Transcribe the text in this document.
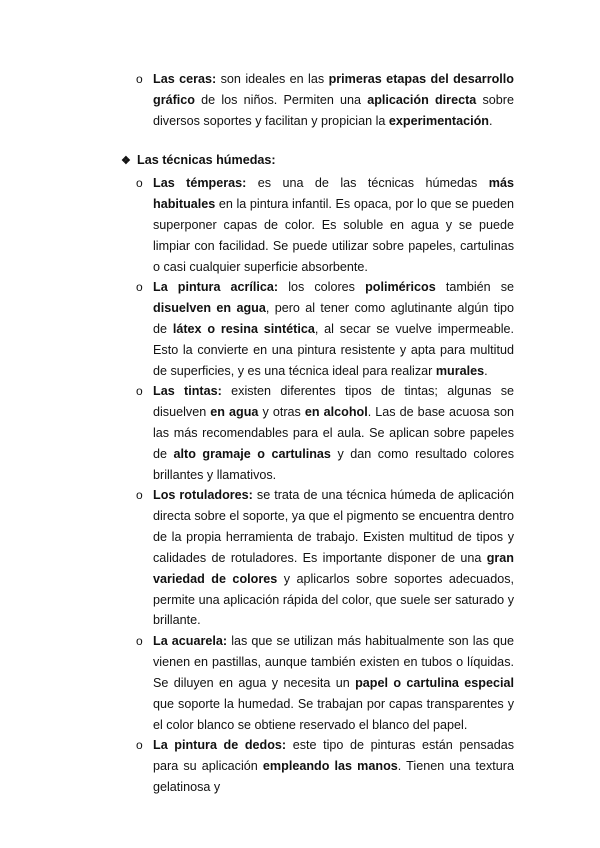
o Las ceras: son ideales en las primeras etapas del desarrollo gráfico de los niños. Permiten una aplicación directa sobre diversos soportes y facilitan y propician la experimentación.

❖ Las técnicas húmedas:
o Las témperas: es una de las técnicas húmedas más habituales en la pintura infantil. Es opaca, por lo que se pueden superponer capas de color. Es soluble en agua y se puede limpiar con facilidad. Se puede utilizar sobre papeles, cartulinas o casi cualquier superficie absorbente.

o La pintura acrílica: los colores poliméricos también se disuelven en agua, pero al tener como aglutinante algún tipo de látex o resina sintética, al secar se vuelve impermeable. Esto la convierte en una pintura resistente y apta para multitud de superficies, y es una técnica ideal para realizar murales.

o Las tintas: existen diferentes tipos de tintas; algunas se disuelven en agua y otras en alcohol. Las de base acuosa son las más recomendables para el aula. Se aplican sobre papeles de alto gramaje o cartulinas y dan como resultado colores brillantes y llamativos.

o Los rotuladores: se trata de una técnica húmeda de aplicación directa sobre el soporte, ya que el pigmento se encuentra dentro de la propia herramienta de trabajo. Existen multitud de tipos y calidades de rotuladores. Es importante disponer de una gran variedad de colores y aplicarlos sobre soportes adecuados, permite una aplicación rápida del color, que suele ser saturado y brillante.

o La acuarela: las que se utilizan más habitualmente son las que vienen en pastillas, aunque también existen en tubos o líquidas. Se diluyen en agua y necesita un papel o cartulina especial que soporte la humedad. Se trabajan por capas transparentes y el color blanco se obtiene reservado el blanco del papel.

o La pintura de dedos: este tipo de pinturas están pensadas para su aplicación empleando las manos. Tienen una textura gelatinosa y
